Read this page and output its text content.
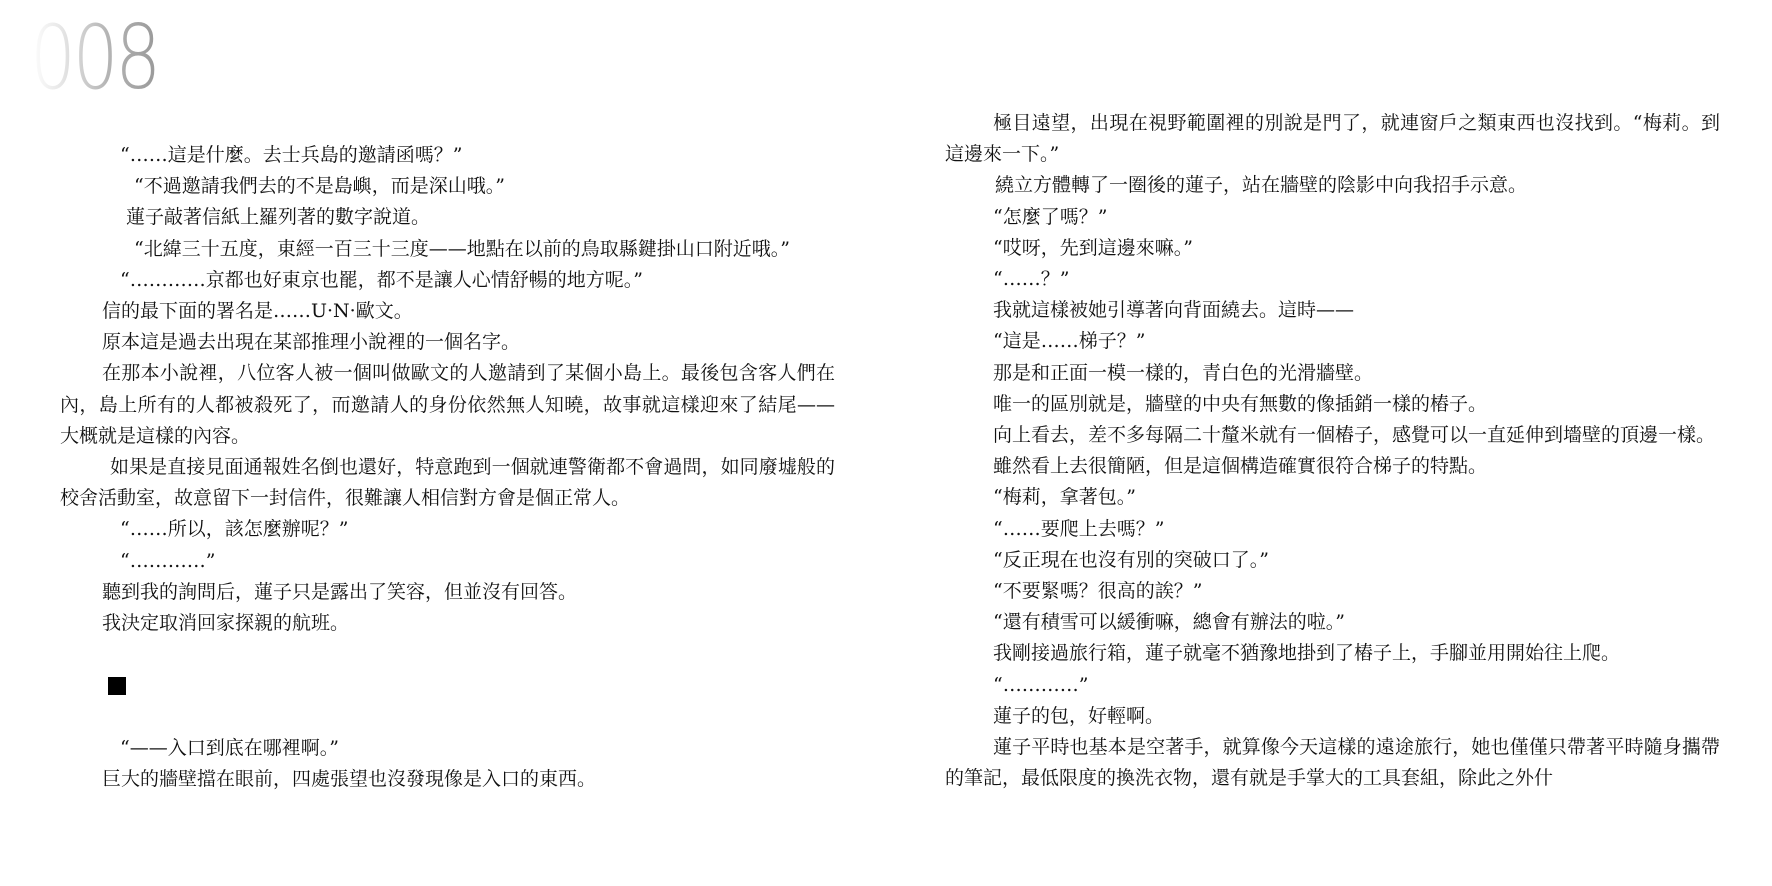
008

“……這是什麼。去士兵島的邀請函嗎？”

“不過邀請我們去的不是島嶼，而是深山哦。”

蓮子敲著信紙上羅列著的數字說道。

“北緯三十五度，東經一百三十三度——地點在以前的鳥取縣鍵掛山口附近哦。”

“…………京都也好東京也罷，都不是讓人心情舒暢的地方呢。”

信的最下面的署名是……U·N·歐文。

原本這是過去出現在某部推理小說裡的一個名字。

在那本小說裡，八位客人被一個叫做歐文的人邀請到了某個小島上。最後包含客人們在內，島上所有的人都被殺死了，而邀請人的身份依然無人知曉，故事就這樣迎來了結尾——大概就是這樣的內容。

如果是直接見面通報姓名倒也還好，特意跑到一個就連警衛都不會過問，如同廢墟般的校舍活動室，故意留下一封信件，很難讓人相信對方會是個正常人。

“……所以，該怎麼辦呢？”

“…………”

聽到我的詢問后，蓮子只是露出了笑容，但並沒有回答。

我決定取消回家探親的航班。

“——入口到底在哪裡啊。”

巨大的牆壁擋在眼前，四處張望也沒發現像是入口的東西。

極目遠望，出現在視野範圍裡的別說是門了，就連窗戶之類東西也沒找到。“梅莉。到這邊來一下。”

繞立方體轉了一圈後的蓮子，站在牆壁的陰影中向我招手示意。

“怎麼了嗎？”

“哎呀，先到這邊來嘛。”

“……？”

我就這樣被她引導著向背面繞去。這時——

“這是……梯子？”

那是和正面一模一樣的，青白色的光滑牆壁。

唯一的區別就是，牆壁的中央有無數的像插銷一樣的樁子。

向上看去，差不多每隔二十釐米就有一個樁子，感覺可以一直延伸到墻壁的頂邊一樣。

雖然看上去很簡陋，但是這個構造確實很符合梯子的特點。

“梅莉，拿著包。”

“……要爬上去嗎？”

“反正現在也沒有別的突破口了。”

“不要緊嗎？很高的誒？”

“還有積雪可以緩衝嘛，總會有辦法的啦。”

我剛接過旅行箱，蓮子就毫不猶豫地掛到了樁子上，手腳並用開始往上爬。

“…………”

蓮子的包，好輕啊。

蓮子平時也基本是空著手，就算像今天這樣的遠途旅行，她也僅僅只帶著平時隨身攜帶的筆記，最低限度的換洗衣物，還有就是手掌大的工具套組，除此之外什
